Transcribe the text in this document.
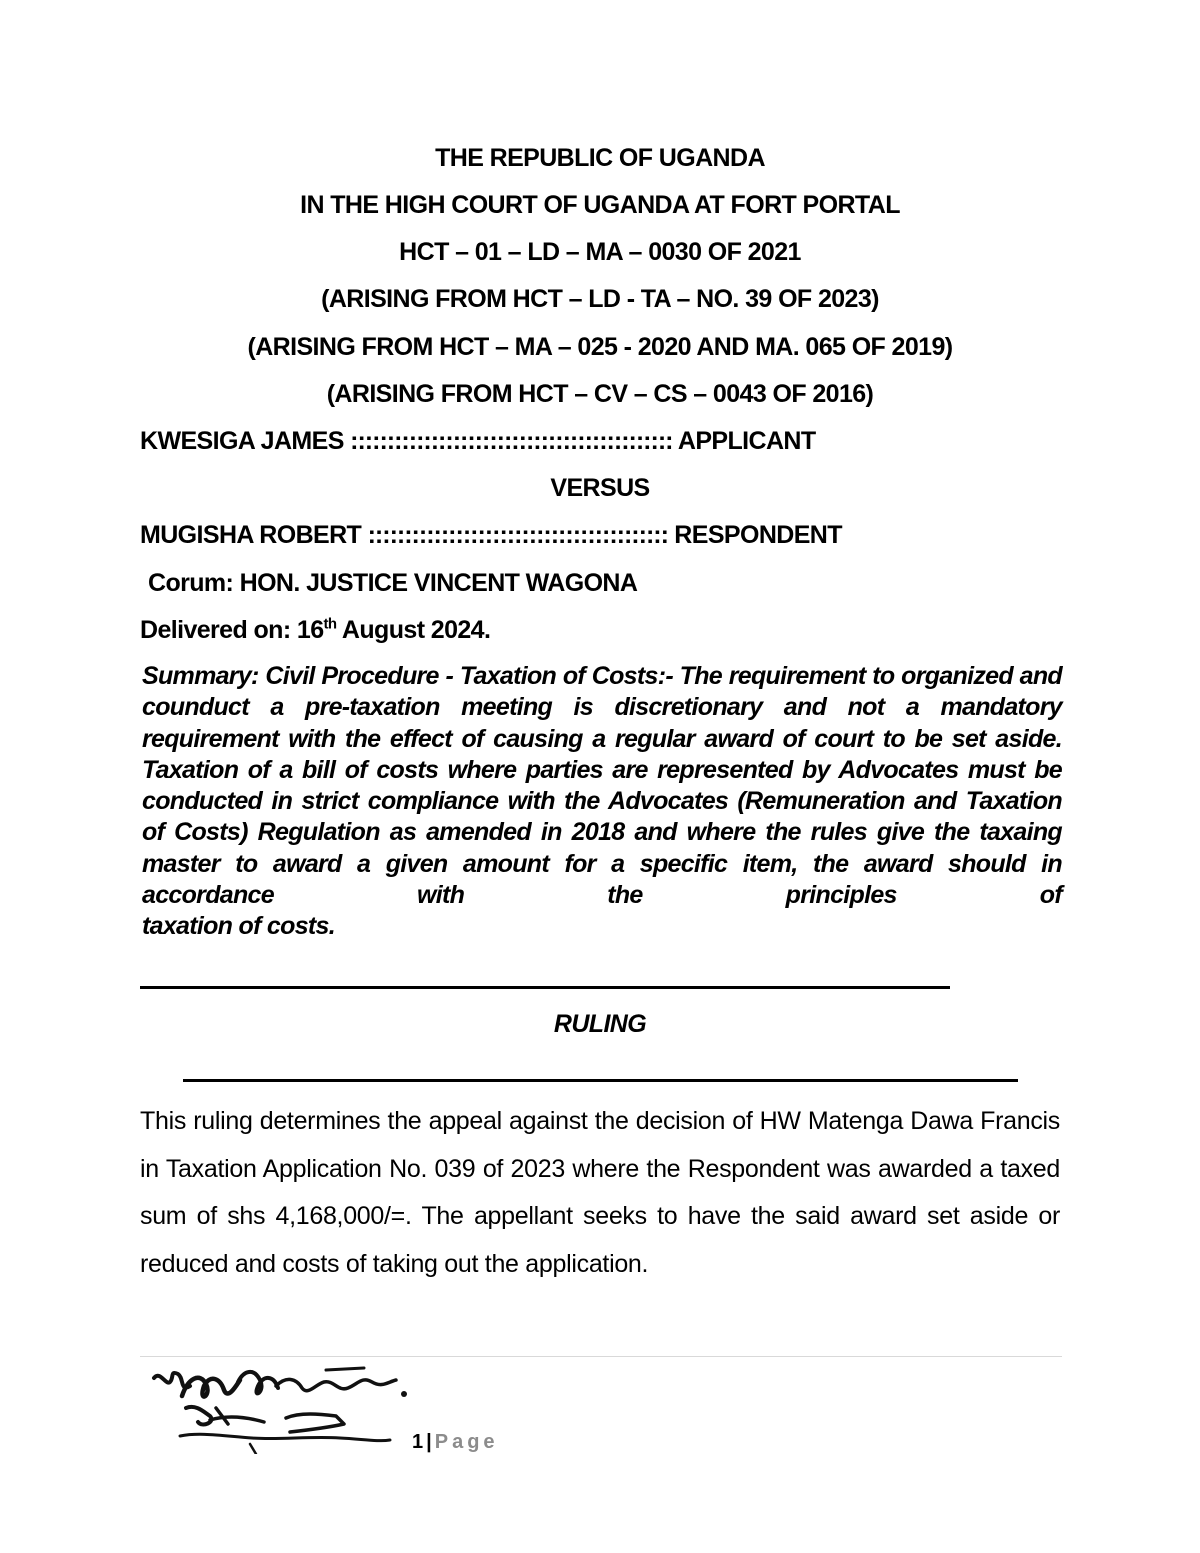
THE REPUBLIC OF UGANDA
IN THE HIGH COURT OF UGANDA AT FORT PORTAL
HCT – 01 – LD – MA – 0030 OF 2021
(ARISING FROM HCT – LD - TA – NO. 39 OF 2023)
(ARISING FROM HCT – MA – 025 - 2020 AND MA. 065 OF 2019)
(ARISING FROM HCT – CV – CS – 0043 OF 2016)
KWESIGA JAMES :::::::::::::::::::::::::::::::::::::::::::: APPLICANT
VERSUS
MUGISHA ROBERT ::::::::::::::::::::::::::::::::::::::::: RESPONDENT
Corum: HON. JUSTICE VINCENT WAGONA
Delivered on: 16th August 2024.
Summary: Civil Procedure - Taxation of Costs:- The requirement to organized and counduct a pre-taxation meeting is discretionary and not a mandatory requirement with the effect of causing a regular award of court to be set aside. Taxation of a bill of costs where parties are represented by Advocates must be conducted in strict compliance with the Advocates (Remuneration and Taxation of Costs) Regulation as amended in 2018 and where the rules give the taxaing master to award a given amount for a specific item, the award should in accordance with the principles of
taxation of costs.
RULING
This ruling determines the appeal against the decision of HW Matenga Dawa Francis in Taxation Application No. 039 of 2023 where the Respondent was awarded a taxed sum of shs 4,168,000/=. The appellant seeks to have the said award set aside or reduced and costs of taking out the application.
1 | Page
